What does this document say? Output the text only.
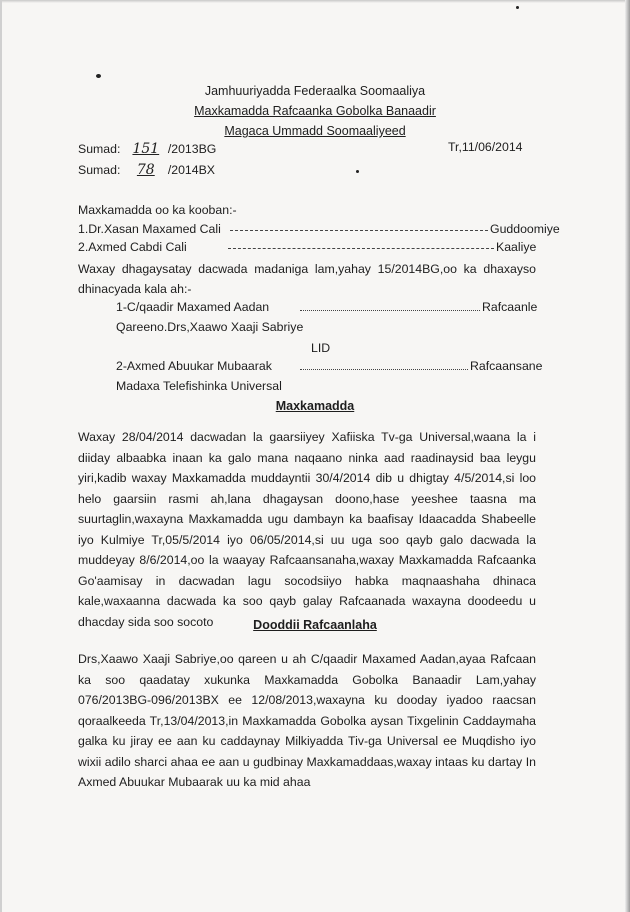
Jamhuuriyadda Federaalka Soomaaliya
Maxkamadda Rafcaanka Gobolka Banaadir
Magaca Ummadd Soomaaliyeed
Sumad: 151 /2013BG	Tr,11/06/2014
Sumad: 78 /2014BX
Maxkamadda oo ka kooban:-
1.Dr.Xasan Maxamed Cali	Guddoomiye
2.Axmed Cabdi Cali	Kaaliye
Waxay dhagaysatay dacwada madaniga lam,yahay 15/2014BG,oo ka dhaxayso
dhinacyada kala ah:-
1-C/qaadir Maxamed Aadan	Rafcaanle
Qareeno.Drs,Xaawo Xaaji Sabriye
LID
2-Axmed Abuukar Mubaarak	Rafcaansane
Madaxa Telefishinka Universal
Maxkamadda
Waxay 28/04/2014 dacwadan la gaarsiiyey Xafiiska Tv-ga Universal,waana la i diiday albaabka inaan ka galo mana naqaano ninka aad raadinaysid baa leygu yiri,kadib waxay Maxkamadda muddayntii 30/4/2014 dib u dhigtay 4/5/2014,si loo helo gaarsiin rasmi ah,lana dhagaysan doono,hase yeeshee taasna ma suurtaglin,waxayna Maxkamadda ugu dambayn ka baafisay Idaacadda Shabeelle iyo Kulmiye Tr,05/5/2014 iyo 06/05/2014,si uu uga soo qayb galo dacwada la muddeyay 8/6/2014,oo la waayay Rafcaansanaha,waxay Maxkamadda Rafcaanka Go'aamisay in dacwadan lagu socodsiiyo habka maqnaashaha dhinaca kale,waxaanna dacwada ka soo qayb galay Rafcaanada waxayna doodeedu u dhacday sida soo socoto	Dooddii Rafcaanlaha
Drs,Xaawo Xaaji Sabriye,oo qareen u ah C/qaadir Maxamed Aadan,ayaa Rafcaan ka soo qaadatay xukunka Maxkamadda Gobolka Banaadir Lam,yahay 076/2013BG-096/2013BX ee 12/08/2013,waxayna ku dooday iyadoo raacsan qoraalkeeda Tr,13/04/2013,in Maxkamadda Gobolka aysan Tixgelinin Caddaymaha galka ku jiray ee aan ku caddaynay Milkiyadda Tiv-ga Universal ee Muqdisho iyo wixii adilo sharci ahaa ee aan u gudbinay Maxkamaddaas,waxay intaas ku dartay In Axmed Abuukar Mubaarak uu ka mid ahaa
